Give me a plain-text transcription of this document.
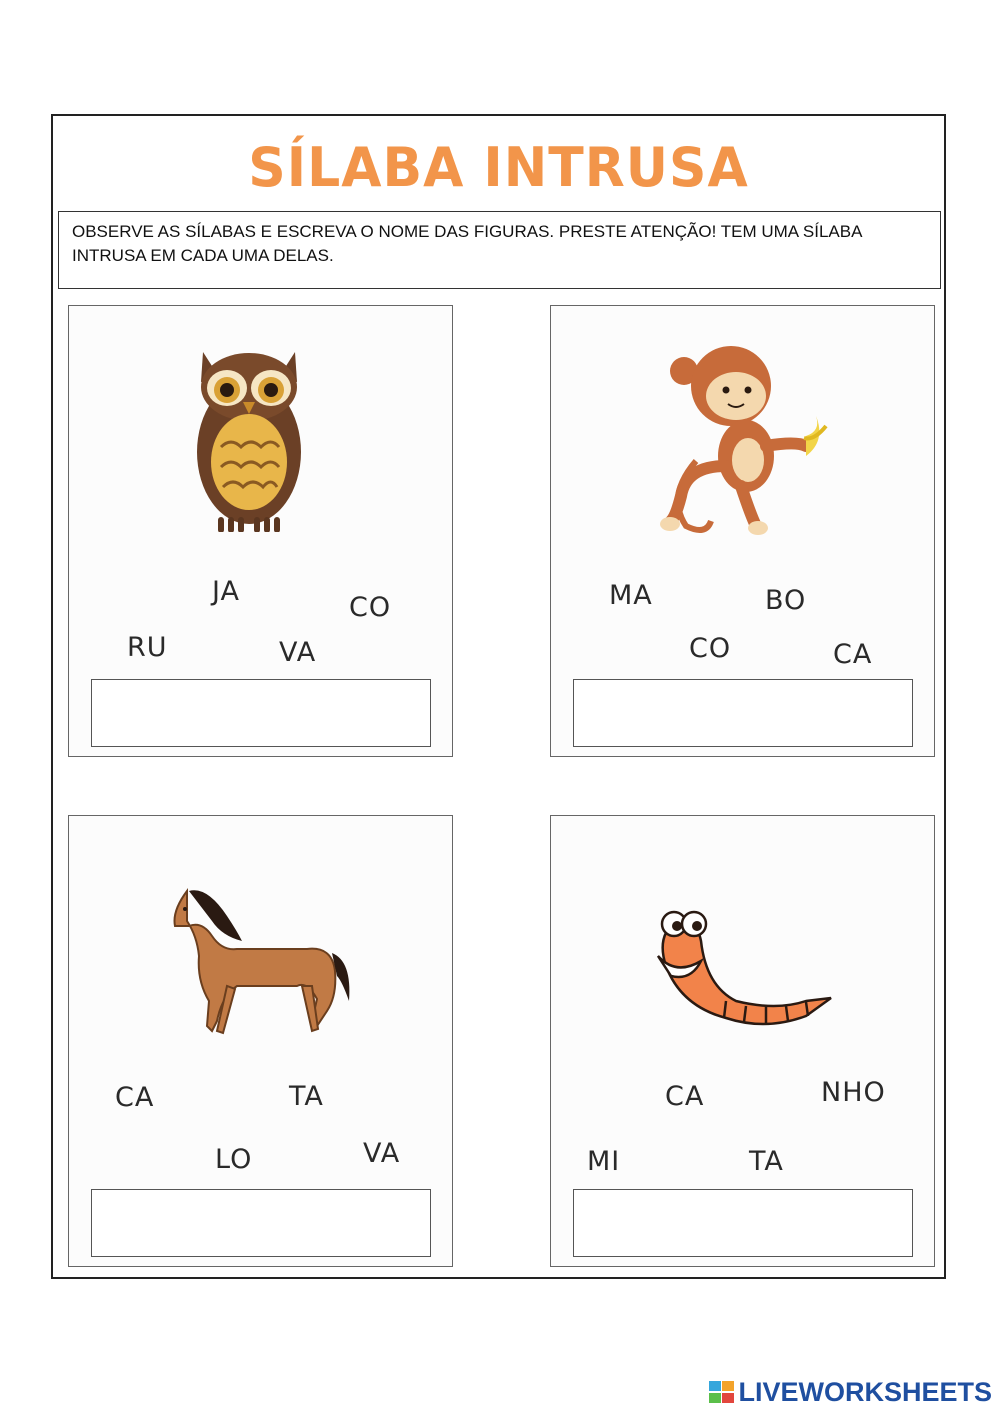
SÍLABA INTRUSA
OBSERVE AS SÍLABAS E ESCREVA O NOME DAS FIGURAS. PRESTE ATENÇÃO! TEM UMA SÍLABA INTRUSA EM CADA UMA DELAS.
JA
CO
RU	VA
MA	BO
CO	CA
CA	TA
LO	VA
CA	NHO
MI	TA
LIVEWORKSHEETS
